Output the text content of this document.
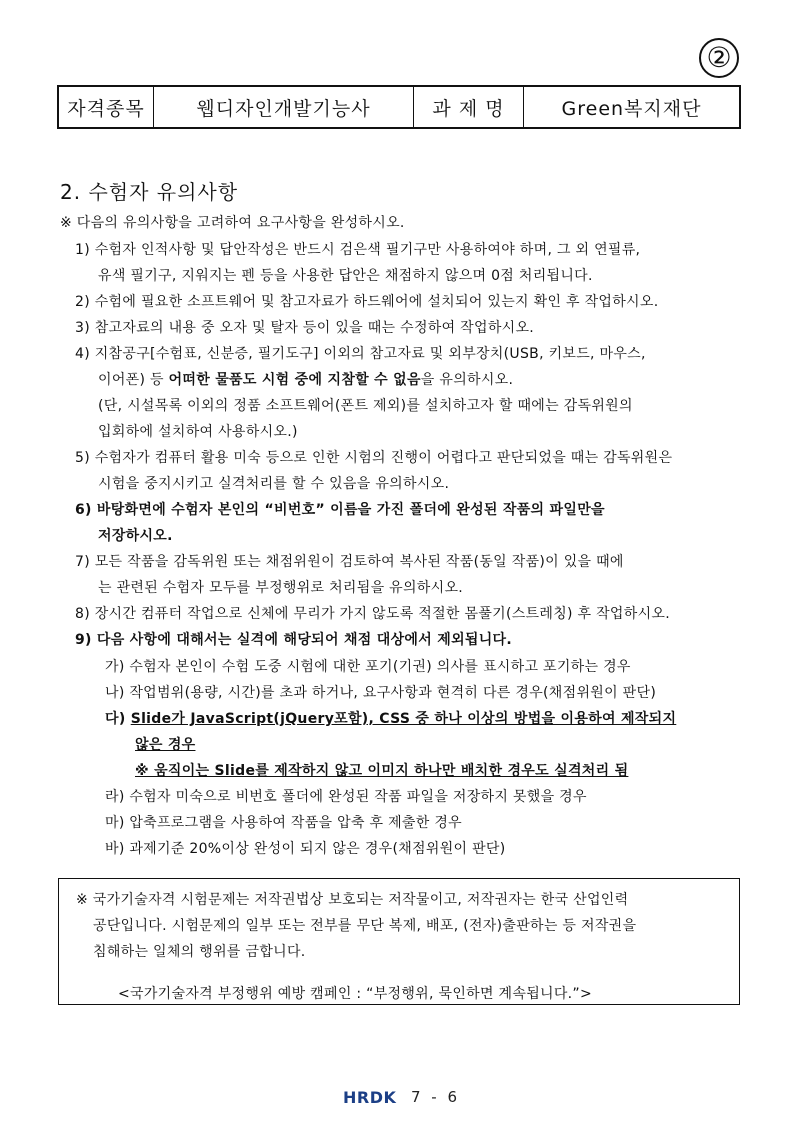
②
자격종목	웹디자인개발기능사	과 제 명	Green복지재단
2. 수험자 유의사항
※ 다음의 유의사항을 고려하여 요구사항을 완성하시오.
1) 수험자 인적사항 및 답안작성은 반드시 검은색 필기구만 사용하여야 하며, 그 외 연필류,
유색 필기구, 지워지는 펜 등을 사용한 답안은 채점하지 않으며 0점 처리됩니다.
2) 수험에 필요한 소프트웨어 및 참고자료가 하드웨어에 설치되어 있는지 확인 후 작업하시오.
3) 참고자료의 내용 중 오자 및 탈자 등이 있을 때는 수정하여 작업하시오.
4) 지참공구[수험표, 신분증, 필기도구] 이외의 참고자료 및 외부장치(USB, 키보드, 마우스,
이어폰) 등 어떠한 물품도 시험 중에 지참할 수 없음을 유의하시오.
(단, 시설목록 이외의 정품 소프트웨어(폰트 제외)를 설치하고자 할 때에는 감독위원의
입회하에 설치하여 사용하시오.)
5) 수험자가 컴퓨터 활용 미숙 등으로 인한 시험의 진행이 어렵다고 판단되었을 때는 감독위원은
시험을 중지시키고 실격처리를 할 수 있음을 유의하시오.
6) 바탕화면에 수험자 본인의 “비번호” 이름을 가진 폴더에 완성된 작품의 파일만을
저장하시오.
7) 모든 작품을 감독위원 또는 채점위원이 검토하여 복사된 작품(동일 작품)이 있을 때에
는 관련된 수험자 모두를 부정행위로 처리됨을 유의하시오.
8) 장시간 컴퓨터 작업으로 신체에 무리가 가지 않도록 적절한 몸풀기(스트레칭) 후 작업하시오.
9) 다음 사항에 대해서는 실격에 해당되어 채점 대상에서 제외됩니다.
가) 수험자 본인이 수험 도중 시험에 대한 포기(기권) 의사를 표시하고 포기하는 경우
나) 작업범위(용량, 시간)를 초과 하거나, 요구사항과 현격히 다른 경우(채점위원이 판단)
다) Slide가 JavaScript(jQuery포함), CSS 중 하나 이상의 방법을 이용하여 제작되지
않은 경우
※ 움직이는 Slide를 제작하지 않고 이미지 하나만 배치한 경우도 실격처리 됨
라) 수험자 미숙으로 비번호 폴더에 완성된 작품 파일을 저장하지 못했을 경우
마) 압축프로그램을 사용하여 작품을 압축 후 제출한 경우
바) 과제기준 20%이상 완성이 되지 않은 경우(채점위원이 판단)
※ 국가기술자격 시험문제는 저작권법상 보호되는 저작물이고, 저작권자는 한국 산업인력
공단입니다. 시험문제의 일부 또는 전부를 무단 복제, 배포, (전자)출판하는 등 저작권을
침해하는 일체의 행위를 금합니다.
<국가기술자격 부정행위 예방 캠페인 : “부정행위, 묵인하면 계속됩니다.”>
HRDK 7 - 6
